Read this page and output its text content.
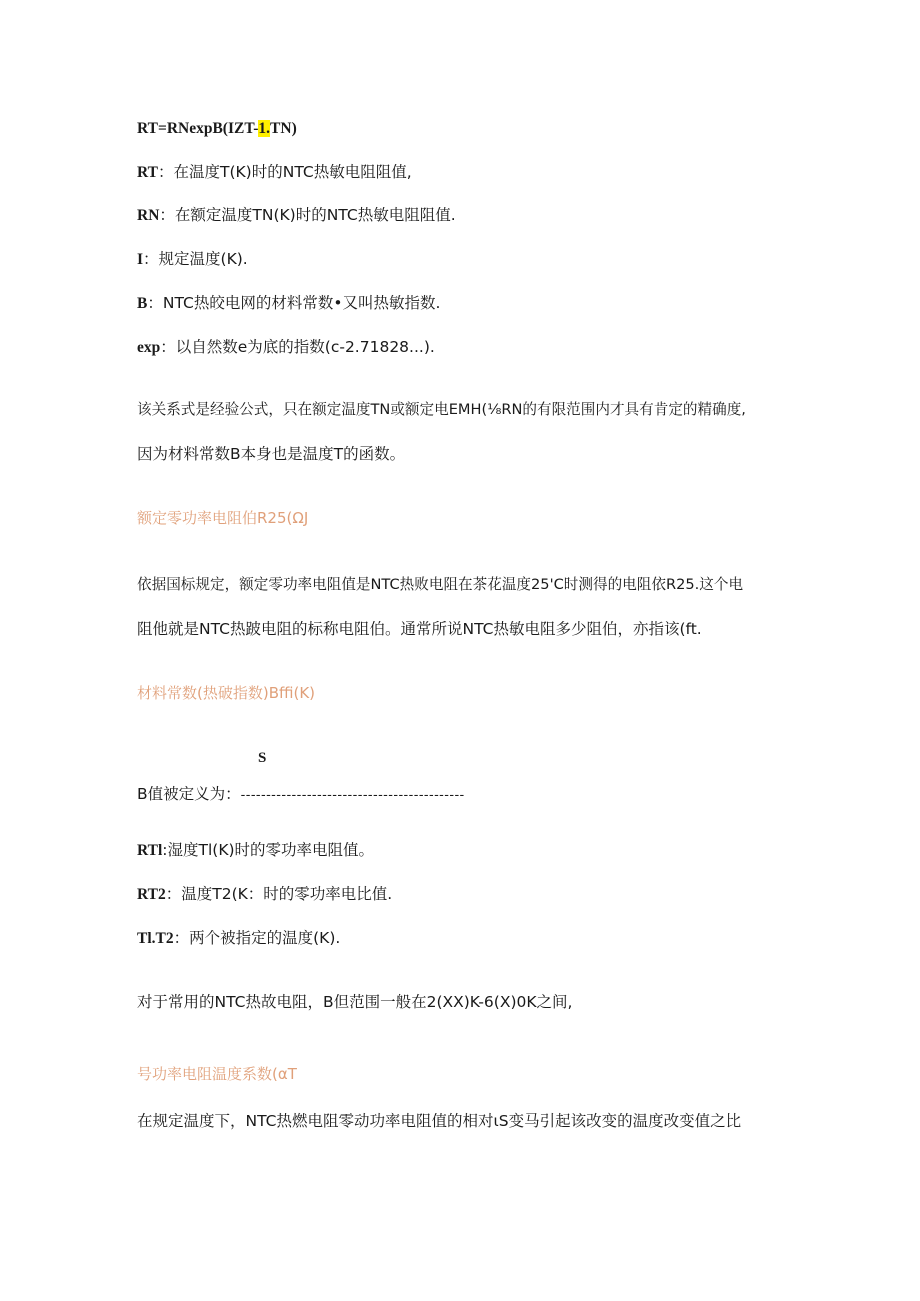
RT=RNexpB(IZT-1.TN)
RT：在温度T(K)时的NTC热敏电阻阻值,
RN：在额定温度TN(K)时的NTC热敏电阻阻值.
I：规定温度(K).
B：NTC热皎电网的材料常数•又叫热敏指数.
exp：以自然数e为底的指数(c-2.71828...).
该关系式是经验公式，只在额定温度TN或额定电EMH(⅛RN的有限范围内才具有肯定的精确度,
因为材料常数B本身也是温度T的函数。
额定零功率电阻伯R25(ΩJ
依据国标规定，额定零功率电阻值是NTC热败电阻在茶花温度25'C时测得的电阻依R25.这个电
阻他就是NTC热跛电阻的标称电阻伯。通常所说NTC热敏电阻多少阻伯，亦指该(ft.
材料常数(热破指数)Bffi(K)
S
B值被定义为：--------------------------------------------
RTl:湿度Tl(K)时的零功率电阻值。
RT2：温度T2(K：时的零功率电比值.
Tl.T2：两个被指定的温度(K).
对于常用的NTC热故电阻，B但范围一般在2(XX)K-6(X)0K之间,
号功率电阻温度系数(αT
在规定温度下，NTC热燃电阻零动功率电阻值的相对ιS变马引起该改变的温度改变值之比
